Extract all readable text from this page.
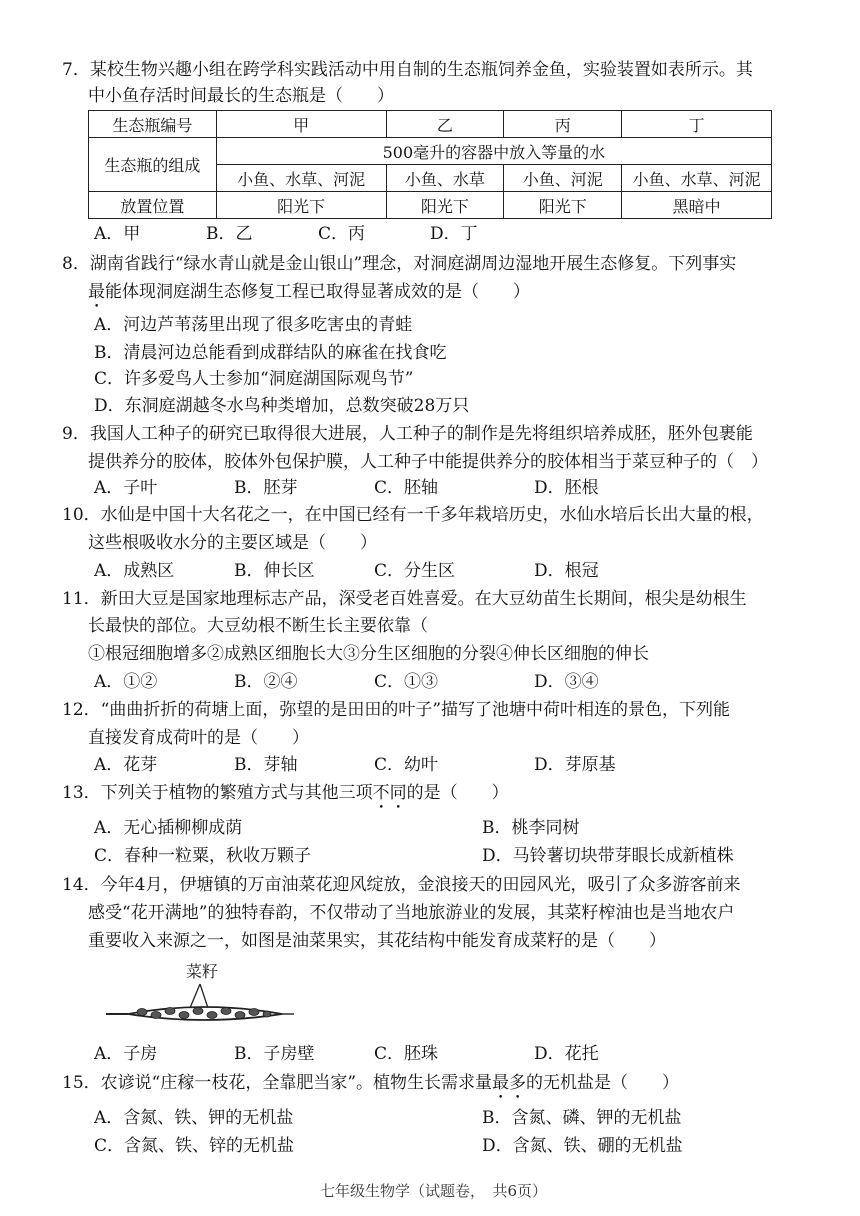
7．某校生物兴趣小组在跨学科实践活动中用自制的生态瓶饲养金鱼，实验装置如表所示。其
中小鱼存活时间最长的生态瓶是（　　）
生态瓶编号	甲	乙	丙	丁
生态瓶的组成	500毫升的容器中放入等量的水			
	小鱼、水草、河泥	小鱼、水草	小鱼、河泥	小鱼、水草、河泥
放置位置	阳光下	阳光下	阳光下	黑暗中
A．甲	B．乙	C．丙	D．丁
8．湖南省践行“绿水青山就是金山银山”理念，对洞庭湖周边湿地开展生态修复。下列事实
最能体现洞庭湖生态修复工程已取得显著成效的是（　　）
A．河边芦苇荡里出现了很多吃害虫的青蛙
B．清晨河边总能看到成群结队的麻雀在找食吃
C．许多爱鸟人士参加“洞庭湖国际观鸟节”
D．东洞庭湖越冬水鸟种类增加，总数突破28万只
9．我国人工种子的研究已取得很大进展，人工种子的制作是先将组织培养成胚，胚外包裹能
提供养分的胶体，胶体外包保护膜，人工种子中能提供养分的胶体相当于菜豆种子的（　）
A．子叶	B．胚芽	C．胚轴	D．胚根
10．水仙是中国十大名花之一，在中国已经有一千多年栽培历史，水仙水培后长出大量的根，
这些根吸收水分的主要区域是（　　）
A．成熟区	B．伸长区	C．分生区	D．根冠
11．新田大豆是国家地理标志产品，深受老百姓喜爱。在大豆幼苗生长期间，根尖是幼根生
长最快的部位。大豆幼根不断生长主要依靠（
①根冠细胞增多②成熟区细胞长大③分生区细胞的分裂④伸长区细胞的伸长
A．①②	B．②④	C．①③	D．③④
12．“曲曲折折的荷塘上面，弥望的是田田的叶子”描写了池塘中荷叶相连的景色，下列能
直接发育成荷叶的是（　　）
A．花芽	B．芽轴	C．幼叶	D．芽原基
13．下列关于植物的繁殖方式与其他三项不同的是（　　）
A．无心插柳柳成荫	B．桃李同树
C．春种一粒粟，秋收万颗子	D．马铃薯切块带芽眼长成新植株
14．今年4月，伊塘镇的万亩油菜花迎风绽放，金浪接天的田园风光，吸引了众多游客前来
感受“花开满地”的独特春韵，不仅带动了当地旅游业的发展，其菜籽榨油也是当地农户
重要收入来源之一，如图是油菜果实，其花结构中能发育成菜籽的是（　　）
菜籽
A．子房	B．子房壁	C．胚珠	D．花托
15．农谚说“庄稼一枝花，全靠肥当家”。植物生长需求量最多的无机盐是（　　）
A．含氮、铁、钾的无机盐	B．含氮、磷、钾的无机盐
C．含氮、铁、锌的无机盐	D．含氮、铁、硼的无机盐
七年级生物学（试题卷，　共6页）
